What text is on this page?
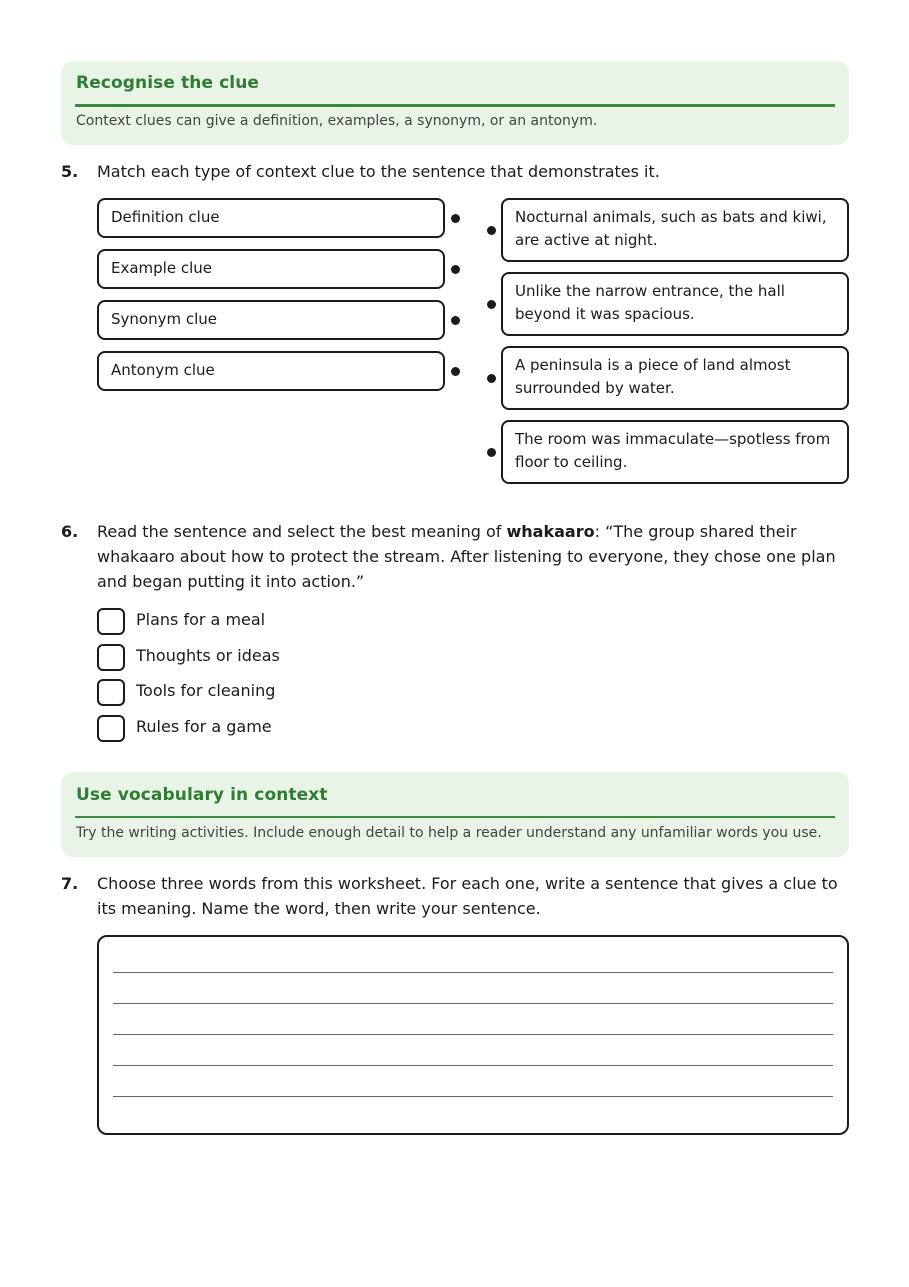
Recognise the clue
Context clues can give a definition, examples, a synonym, or an antonym.
5. Match each type of context clue to the sentence that demonstrates it.
Definition clue
Example clue
Synonym clue
Antonym clue
Nocturnal animals, such as bats and kiwi, are active at night.
Unlike the narrow entrance, the hall beyond it was spacious.
A peninsula is a piece of land almost surrounded by water.
The room was immaculate—spotless from floor to ceiling.
6. Read the sentence and select the best meaning of whakaaro: “The group shared their whakaaro about how to protect the stream. After listening to everyone, they chose one plan and began putting it into action.”
Plans for a meal
Thoughts or ideas
Tools for cleaning
Rules for a game
Use vocabulary in context
Try the writing activities. Include enough detail to help a reader understand any unfamiliar words you use.
7. Choose three words from this worksheet. For each one, write a sentence that gives a clue to its meaning. Name the word, then write your sentence.
